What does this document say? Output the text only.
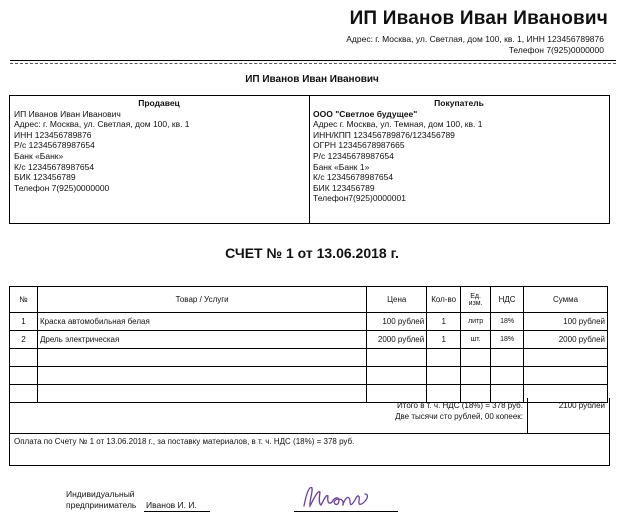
ИП Иванов Иван Иванович
Адрес: г. Москва, ул. Светлая, дом 100, кв. 1, ИНН 123456789876
Телефон 7(925)0000000
ИП Иванов Иван Иванович
Продавец
ИП Иванов Иван Иванович
Адрес: г. Москва, ул. Светлая, дом 100, кв. 1
ИНН 123456789876
Р/с 12345678987654
Банк «Банк»
К/с 12345678987654
БИК 123456789
Телефон 7(925)0000000
Покупатель
ООО "Светлое будущее"
Адрес г. Москва, ул. Темная, дом 100, кв. 1
ИНН/КПП 123456789876/123456789
ОГРН 12345678987665
Р/с 12345678987654
Банк «Банк 1»
К/с 12345678987654
БИК 123456789
Телефон7(925)0000001
СЧЕТ № 1 от 13.06.2018 г.
№	Товар / Услуги	Цена	Кол-во	Ед. изм.	НДС	Сумма
1	Краска автомобильная белая	100 рублей	1	литр	18%	100 рублей
2	Дрель электрическая	2000 рублей	1	шт.	18%	2000 рублей

Итого в т. ч. НДС (18%) = 378 руб.
Две тысячи сто рублей, 00 копеек:
2100 рублей
Оплата по Счету № 1 от 13.06.2018 г., за поставку материалов, в т. ч. НДС (18%) = 378 руб.
Индивидуальный
предприниматель Иванов И. И.
